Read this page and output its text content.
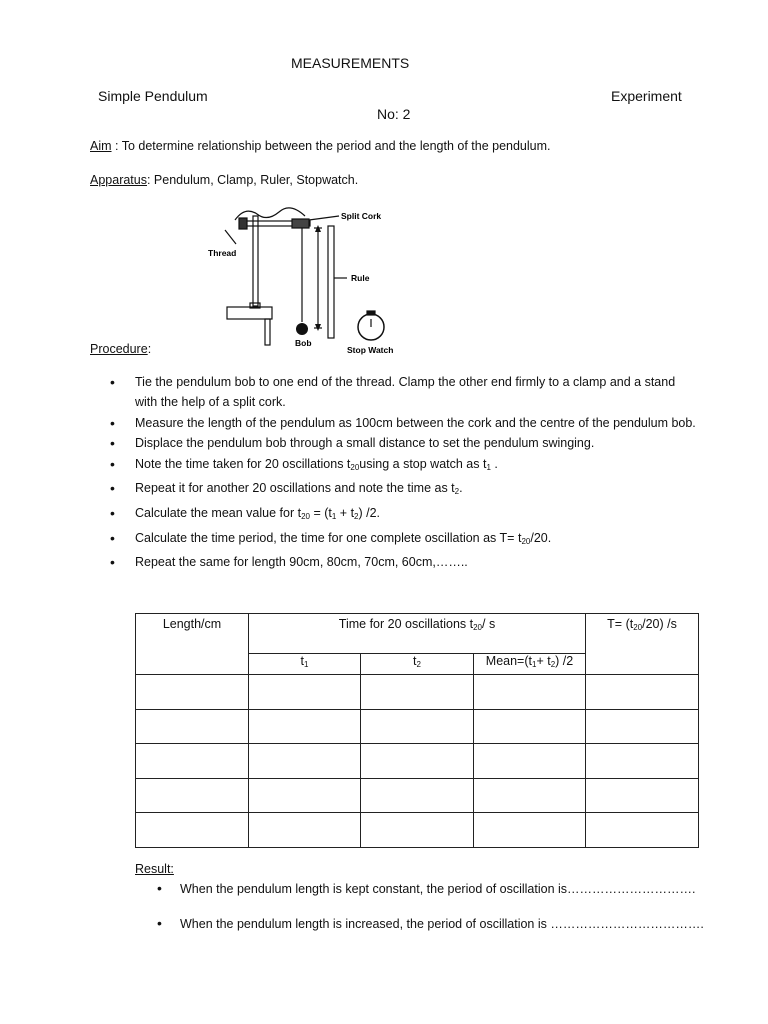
MEASUREMENTS
Simple Pendulum	Experiment
No: 2
Aim : To determine relationship between the period and the length of the pendulum.
Apparatus: Pendulum, Clamp, Ruler, Stopwatch.
Split Cork
Thread
Rule
Bob
Stop Watch
Procedure:
• Tie the pendulum bob to one end of the thread. Clamp the other end firmly to a clamp and a stand with the help of a split cork.
• Measure the length of the pendulum as 100cm between the cork and the centre of the pendulum bob.
• Displace the pendulum bob through a small distance to set the pendulum swinging.
• Note the time taken for 20 oscillations $t_{20}using$ a stop watch as $t_1$ .
• Repeat it for another 20 oscillations and note the time as $t_2$.
• Calculate the mean value for $t_{20} = (t_1 + t_2)$ /2.
• Calculate the time period, the time for one complete oscillation as $T= t_{20}/20$.
• Repeat the same for length 90cm, 80cm, 70cm, 60cm,……..
Length/cm	Time for 20 oscillations $t_{20}/$ s			$T= (t_{20}/20)$ /s
	$t_1$	$t_2$	$Mean=(t_1+ t_2)$ /2	

Result:
• When the pendulum length is kept constant, the period of oscillation is………………………….
• When the pendulum length is increased, the period of oscillation is ……………………………….
